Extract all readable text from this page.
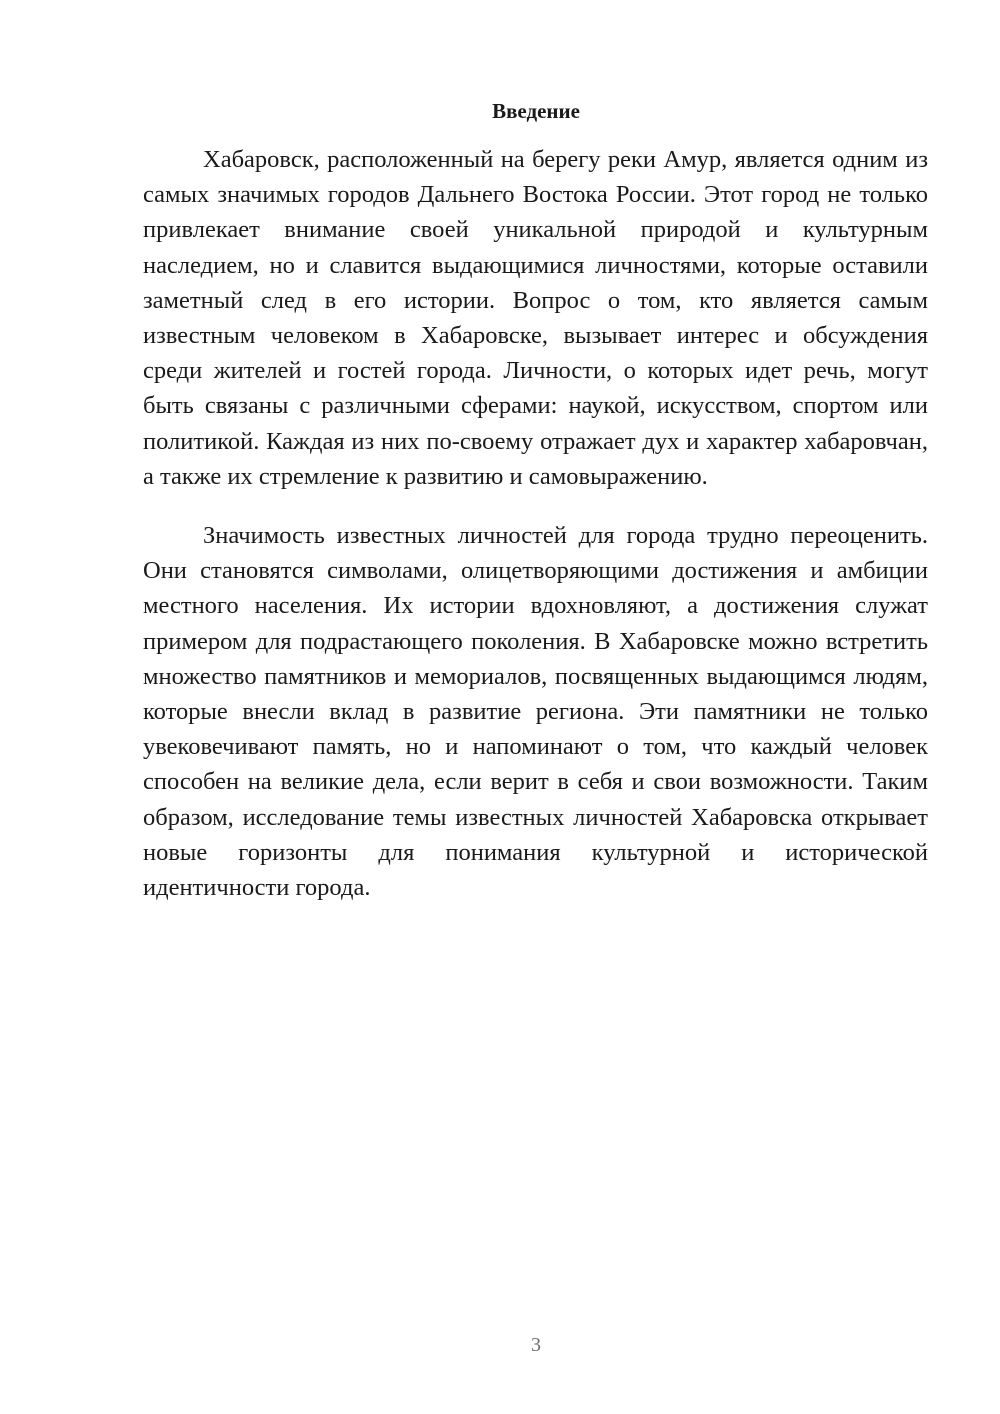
Введение

Хабаровск, расположенный на берегу реки Амур, является одним из самых значимых городов Дальнего Востока России. Этот город не только привлекает внимание своей уникальной природой и культурным наследием, но и славится выдающимися личностями, которые оставили заметный след в его истории. Вопрос о том, кто является самым известным человеком в Хабаровске, вызывает интерес и обсуждения среди жителей и гостей города. Личности, о которых идет речь, могут быть связаны с различными сферами: наукой, искусством, спортом или политикой. Каждая из них по-своему отражает дух и характер хабаровчан, а также их стремление к развитию и самовыражению.

Значимость известных личностей для города трудно переоценить. Они становятся символами, олицетворяющими достижения и амбиции местного населения. Их истории вдохновляют, а достижения служат примером для подрастающего поколения. В Хабаровске можно встретить множество памятников и мемориалов, посвященных выдающимся людям, которые внесли вклад в развитие региона. Эти памятники не только увековечивают память, но и напоминают о том, что каждый человек способен на великие дела, если верит в себя и свои возможности. Таким образом, исследование темы известных личностей Хабаровска открывает новые горизонты для понимания культурной и исторической идентичности города.

3
